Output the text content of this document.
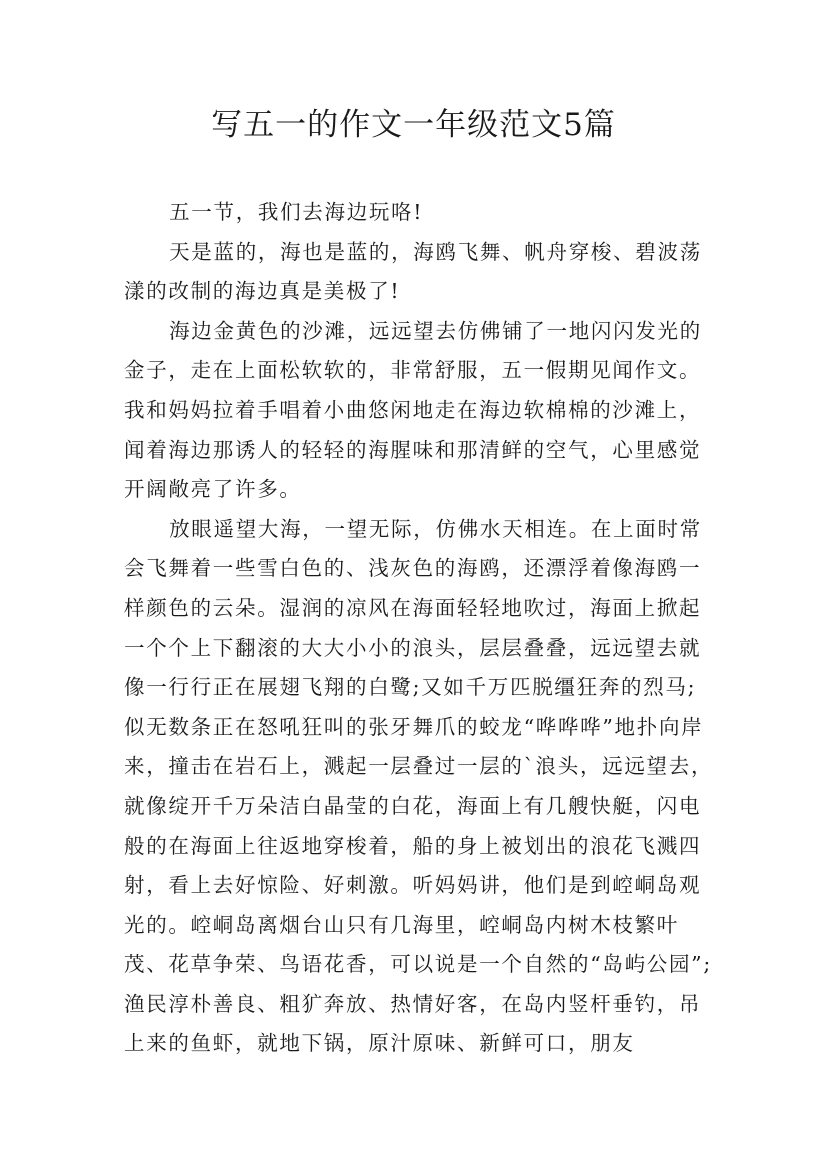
写五一的作文一年级范文5篇

五一节，我们去海边玩咯!

天是蓝的，海也是蓝的，海鸥飞舞、帆舟穿梭、碧波荡漾的改制的海边真是美极了!

海边金黄色的沙滩，远远望去仿佛铺了一地闪闪发光的金子，走在上面松软软的，非常舒服，五一假期见闻作文。我和妈妈拉着手唱着小曲悠闲地走在海边软棉棉的沙滩上，闻着海边那诱人的轻轻的海腥味和那清鲜的空气，心里感觉开阔敞亮了许多。

放眼遥望大海，一望无际，仿佛水天相连。在上面时常会飞舞着一些雪白色的、浅灰色的海鸥，还漂浮着像海鸥一样颜色的云朵。湿润的凉风在海面轻轻地吹过，海面上掀起一个个上下翻滚的大大小小的浪头，层层叠叠，远远望去就像一行行正在展翅飞翔的白鹭;又如千万匹脱缰狂奔的烈马;似无数条正在怒吼狂叫的张牙舞爪的蛟龙“哗哗哗”地扑向岸来，撞击在岩石上，溅起一层叠过一层的`浪头，远远望去，就像绽开千万朵洁白晶莹的白花，海面上有几艘快艇，闪电般的在海面上往返地穿梭着，船的身上被划出的浪花飞溅四射，看上去好惊险、好刺激。听妈妈讲，他们是到崆峒岛观光的。崆峒岛离烟台山只有几海里，崆峒岛内树木枝繁叶茂、花草争荣、鸟语花香，可以说是一个自然的“岛屿公园”;渔民淳朴善良、粗犷奔放、热情好客，在岛内竖杆垂钓，吊上来的鱼虾，就地下锅，原汁原味、新鲜可口，朋友
